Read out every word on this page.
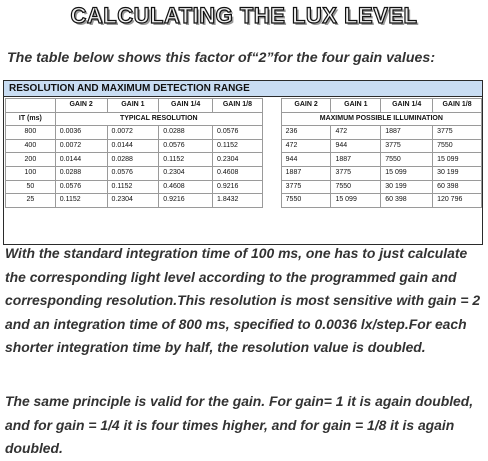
CALCULATING THE LUX LEVEL
The table below shows this factor of“2”for the four gain values:
RESOLUTION AND MAXIMUM DETECTION RANGE
	GAIN 2	GAIN 1	GAIN 1/4	GAIN 1/8		GAIN 2	GAIN 1	GAIN 1/4	GAIN 1/8
IT (ms)	TYPICAL RESOLUTION					MAXIMUM POSSIBLE ILLUMINATION			
800	0.0036	0.0072	0.0288	0.0576		236	472	1887	3775
400	0.0072	0.0144	0.0576	0.1152		472	944	3775	7550
200	0.0144	0.0288	0.1152	0.2304		944	1887	7550	15 099
100	0.0288	0.0576	0.2304	0.4608		1887	3775	15 099	30 199
50	0.0576	0.1152	0.4608	0.9216		3775	7550	30 199	60 398
25	0.1152	0.2304	0.9216	1.8432		7550	15 099	60 398	120 796
With the standard integration time of 100 ms, one has to just calculate
the corresponding light level according to the programmed gain and
corresponding resolution.This resolution is most sensitive with gain = 2
and an integration time of 800 ms, specified to 0.0036 lx/step.For each
shorter integration time by half, the resolution value is doubled.
The same principle is valid for the gain. For gain= 1 it is again doubled,
and for gain = 1/4 it is four times higher, and for gain = 1/8 it is again
doubled.
